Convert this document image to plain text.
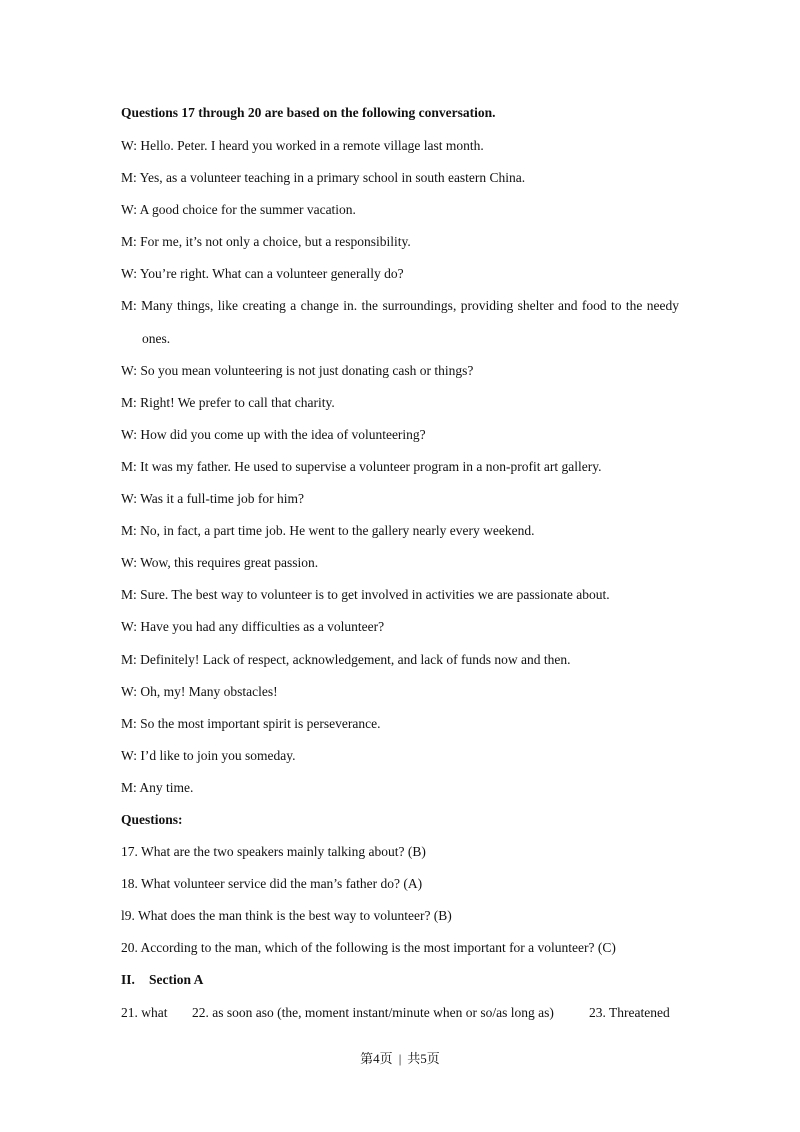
Questions 17 through 20 are based on the following conversation.
W: Hello. Peter. I heard you worked in a remote village last month.
M: Yes, as a volunteer teaching in a primary school in south eastern China.
W: A good choice for the summer vacation.
M: For me, it’s not only a choice, but a responsibility.
W: You’re right. What can a volunteer generally do?
M: Many things, like creating a change in. the surroundings, providing shelter and food to the needy ones.
W: So you mean volunteering is not just donating cash or things?
M: Right! We prefer to call that charity.
W: How did you come up with the idea of volunteering?
M: It was my father. He used to supervise a volunteer program in a non-profit art gallery.
W: Was it a full-time job for him?
M: No, in fact, a part time job. He went to the gallery nearly every weekend.
W: Wow, this requires great passion.
M: Sure. The best way to volunteer is to get involved in activities we are passionate about.
W: Have you had any difficulties as a volunteer?
M: Definitely! Lack of respect, acknowledgement, and lack of funds now and then.
W: Oh, my! Many obstacles!
M: So the most important spirit is perseverance.
W: I’d like to join you someday.
M: Any time.
Questions:
17. What are the two speakers mainly talking about? (B)
18. What volunteer service did the man’s father do? (A)
l9. What does the man think is the best way to volunteer? (B)
20. According to the man, which of the following is the most important for a volunteer? (C)
II. Section A
21. what 22. as soon aso (the, moment instant/minute when or so/as long as)	23. Threatened
第4页 | 共5页
